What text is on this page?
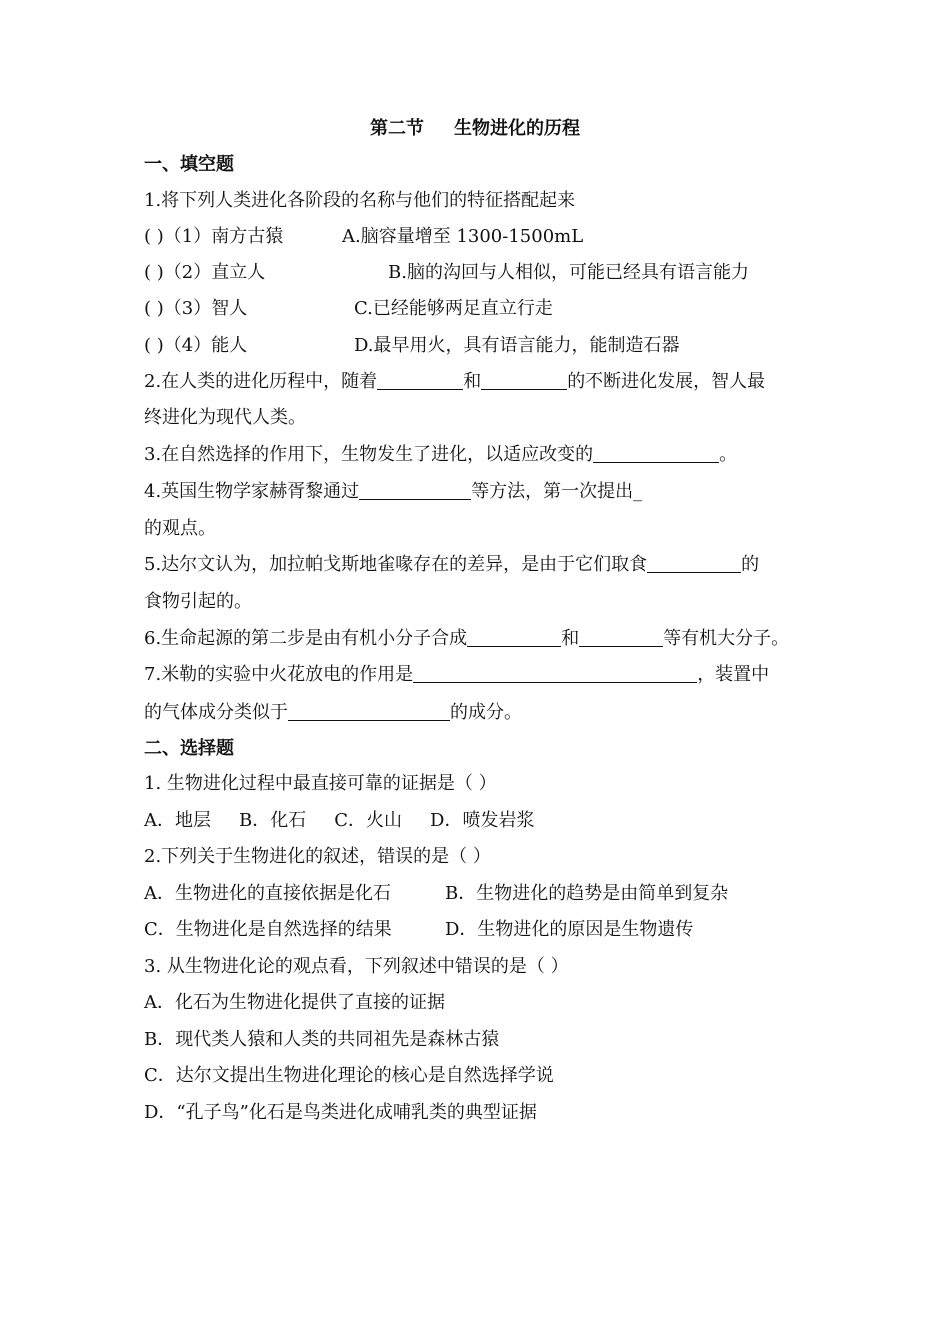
第二节 生物进化的历程
一、填空题
1.将下列人类进化各阶段的名称与他们的特征搭配起来
( )（1）南方古猿	A.脑容量增至 1300-1500mL
( )（2）直立人	B.脑的沟回与人相似，可能已经具有语言能力
( )（3）智人	C.已经能够两足直立行走
( )（4）能人	D.最早用火，具有语言能力，能制造石器
2.在人类的进化历程中，随着	和	的不断进化发展，智人最
终进化为现代人类。
3.在自然选择的作用下，生物发生了进化，以适应改变的	。
4.英国生物学家赫胥黎通过	等方法，第一次提出_
的观点。
5.达尔文认为，加拉帕戈斯地雀喙存在的差异，是由于它们取食	的
食物引起的。
6.生命起源的第二步是由有机小分子合成	和	等有机大分子。
7.米勒的实验中火花放电的作用是	，装置中
的气体成分类似于	的成分。
二、选择题
1. 生物进化过程中最直接可靠的证据是（ ）
A．地层 B．化石 C．火山 D．喷发岩浆
2.下列关于生物进化的叙述，错误的是（ ）
A．生物进化的直接依据是化石	B．生物进化的趋势是由简单到复杂
C．生物进化是自然选择的结果	D．生物进化的原因是生物遗传
3. 从生物进化论的观点看，下列叙述中错误的是（ ）
A．化石为生物进化提供了直接的证据
B．现代类人猿和人类的共同祖先是森林古猿
C．达尔文提出生物进化理论的核心是自然选择学说
D．“孔子鸟”化石是鸟类进化成哺乳类的典型证据
